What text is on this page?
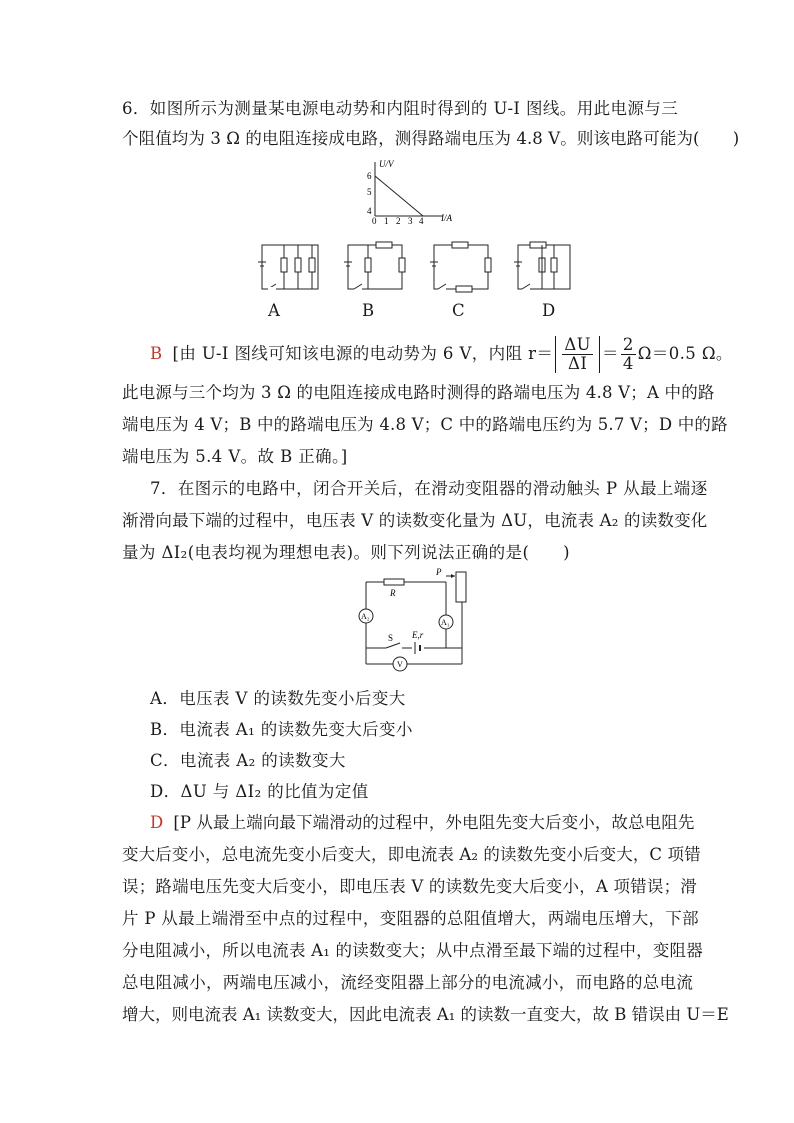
6．如图所示为测量某电源电动势和内阻时得到的 U-I 图线。用此电源与三
个阻值均为 3 Ω 的电阻连接成电路，测得路端电压为 4.8 V。则该电路可能为(　　)
U/V
I/A
6
5
4
0 1 2 3 4
A	B	C	D
B [由 U-I 图线可知该电源的电动势为 6 V，内阻 $r= \frac{\Delta U}{\Delta I} = \frac{2}{4} \Omega=0.5$ Ω。
此电源与三个均为 3 Ω 的电阻连接成电路时测得的路端电压为 4.8 V；A 中的路
端电压为 4 V；B 中的路端电压为 4.8 V；C 中的路端电压约为 5.7 V；D 中的路
端电压为 5.4 V。故 B 正确。]
7．在图示的电路中，闭合开关后，在滑动变阻器的滑动触头 P 从最上端逐
渐滑向最下端的过程中，电压表 V 的读数变化量为 ΔU，电流表 A₂ 的读数变化
量为 ΔI₂(电表均视为理想电表)。则下列说法正确的是(　　)
P
R
A₂
A₁
S E,r
V
A．电压表 V 的读数先变小后变大
B．电流表 A₁ 的读数先变大后变小
C．电流表 A₂ 的读数变大
D．ΔU 与 ΔI₂ 的比值为定值
D [P 从最上端向最下端滑动的过程中，外电阻先变大后变小，故总电阻先
变大后变小，总电流先变小后变大，即电流表 A₂ 的读数先变小后变大，C 项错
误；路端电压先变大后变小，即电压表 V 的读数先变大后变小，A 项错误；滑
片 P 从最上端滑至中点的过程中，变阻器的总阻值增大，两端电压增大，下部
分电阻减小，所以电流表 A₁ 的读数变大；从中点滑至最下端的过程中，变阻器
总电阻减小，两端电压减小，流经变阻器上部分的电流减小，而电路的总电流
增大，则电流表 A₁ 读数变大，因此电流表 A₁ 的读数一直变大，故 B 错误由 U＝E
